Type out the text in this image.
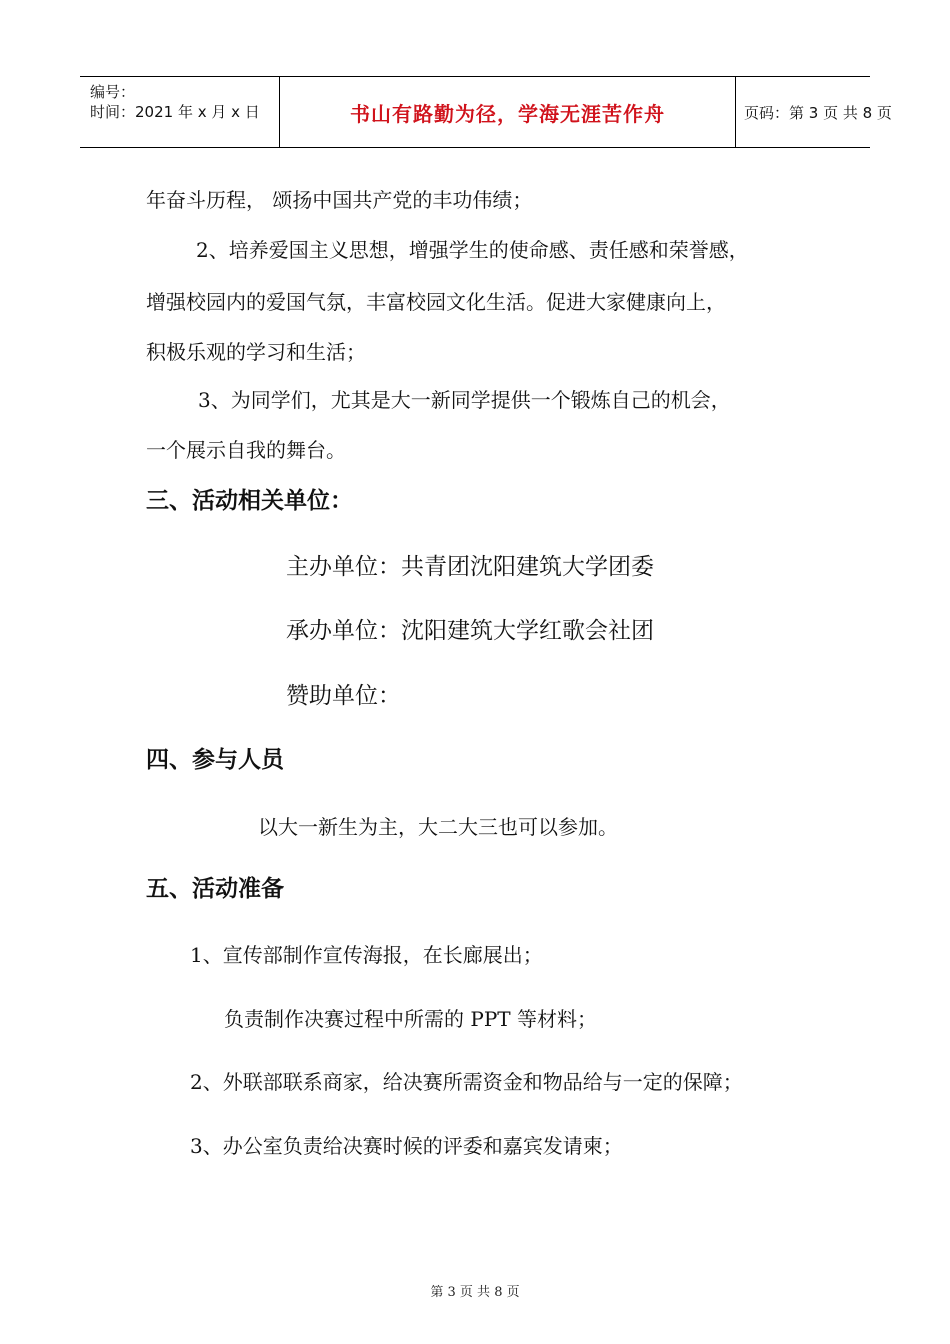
编号：
时间：2021 年 x 月 x 日	书山有路勤为径，学海无涯苦作舟	页码：第 3 页 共 8 页
年奋斗历程， 颂扬中国共产党的丰功伟绩；
2、培养爱国主义思想，增强学生的使命感、责任感和荣誉感，
增强校园内的爱国气氛，丰富校园文化生活。促进大家健康向上，
积极乐观的学习和生活；
3、为同学们，尤其是大一新同学提供一个锻炼自己的机会，
一个展示自我的舞台。
三、活动相关单位：
主办单位：共青团沈阳建筑大学团委
承办单位：沈阳建筑大学红歌会社团
赞助单位：
四、参与人员
以大一新生为主，大二大三也可以参加。
五、活动准备
1、宣传部制作宣传海报，在长廊展出；
负责制作决赛过程中所需的 PPT 等材料；
2、外联部联系商家，给决赛所需资金和物品给与一定的保障；
3、办公室负责给决赛时候的评委和嘉宾发请柬；
第 3 页 共 8 页
